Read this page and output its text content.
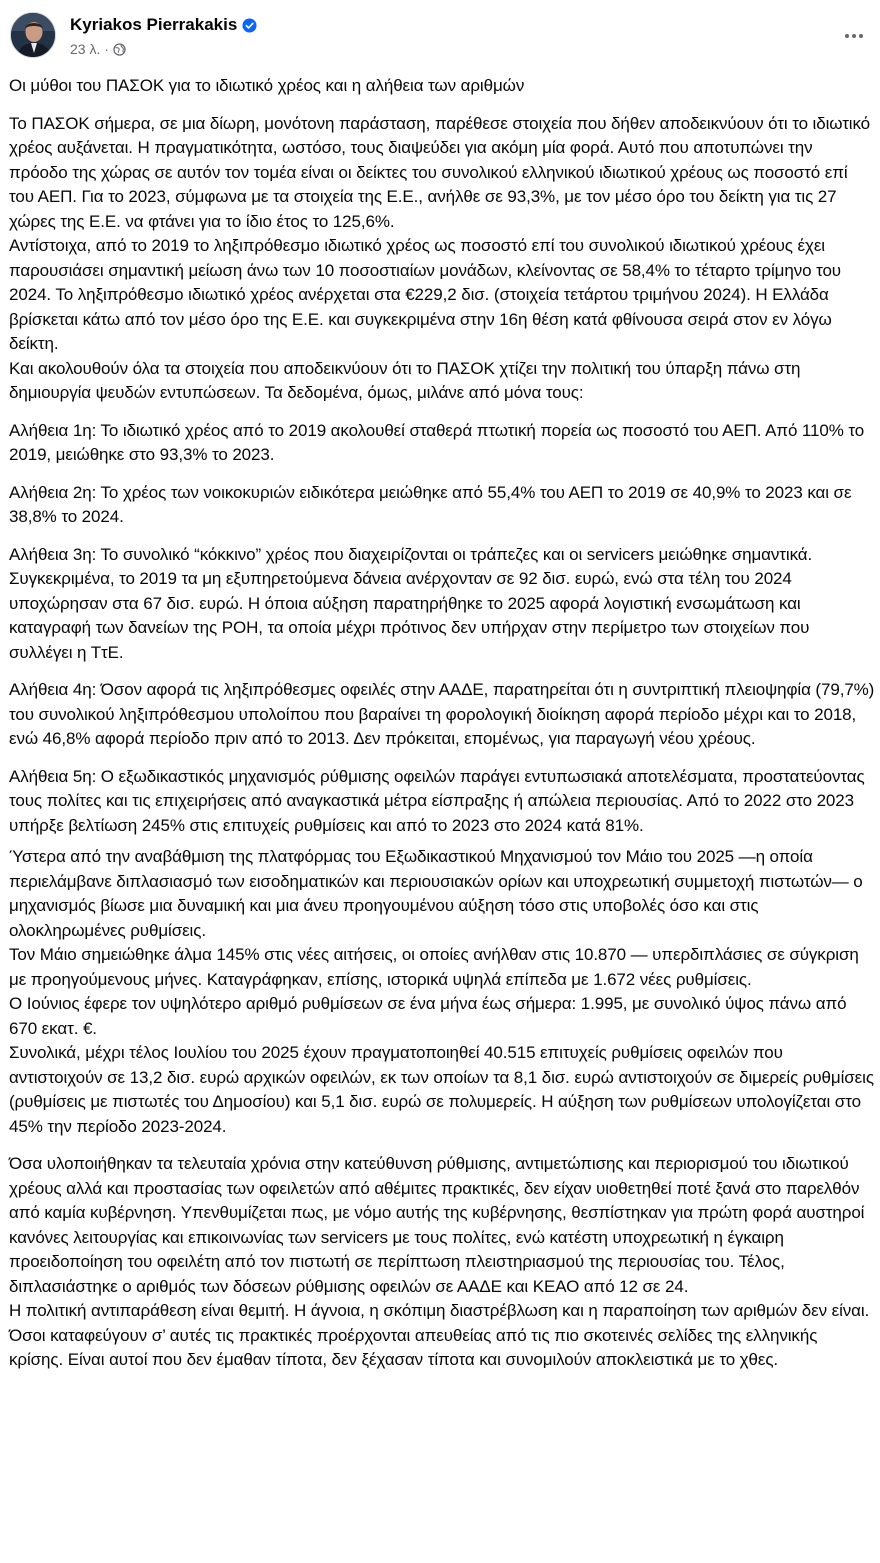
Kyriakos Pierrakakis
23 λ. ·

Οι μύθοι του ΠΑΣΟΚ για το ιδιωτικό χρέος και η αλήθεια των αριθμών

Το ΠΑΣΟΚ σήμερα, σε μια δίωρη, μονότονη παράσταση, παρέθεσε στοιχεία που δήθεν αποδεικνύουν ότι το ιδιωτικό χρέος αυξάνεται. Η πραγματικότητα, ωστόσο, τους διαψεύδει για ακόμη μία φορά. Αυτό που αποτυπώνει την πρόοδο της χώρας σε αυτόν τον τομέα είναι οι δείκτες του συνολικού ελληνικού ιδιωτικού χρέους ως ποσοστό επί του ΑΕΠ. Για το 2023, σύμφωνα με τα στοιχεία της Ε.Ε., ανήλθε σε 93,3%, με τον μέσο όρο του δείκτη για τις 27 χώρες της Ε.Ε. να φτάνει για το ίδιο έτος το 125,6%.

Αντίστοιχα, από το 2019 το ληξιπρόθεσμο ιδιωτικό χρέος ως ποσοστό επί του συνολικού ιδιωτικού χρέους έχει παρουσιάσει σημαντική μείωση άνω των 10 ποσοστιαίων μονάδων, κλείνοντας σε 58,4% το τέταρτο τρίμηνο του 2024. Το ληξιπρόθεσμο ιδιωτικό χρέος ανέρχεται στα €229,2 δισ. (στοιχεία τετάρτου τριμήνου 2024). Η Ελλάδα βρίσκεται κάτω από τον μέσο όρο της Ε.Ε. και συγκεκριμένα στην 16η θέση κατά φθίνουσα σειρά στον εν λόγω δείκτη.

Και ακολουθούν όλα τα στοιχεία που αποδεικνύουν ότι το ΠΑΣΟΚ χτίζει την πολιτική του ύπαρξη πάνω στη δημιουργία ψευδών εντυπώσεων. Τα δεδομένα, όμως, μιλάνε από μόνα τους:

Αλήθεια 1η: Το ιδιωτικό χρέος από το 2019 ακολουθεί σταθερά πτωτική πορεία ως ποσοστό του ΑΕΠ. Από 110% το 2019, μειώθηκε στο 93,3% το 2023.

Αλήθεια 2η: Το χρέος των νοικοκυριών ειδικότερα μειώθηκε από 55,4% του ΑΕΠ το 2019 σε 40,9% το 2023 και σε 38,8% το 2024.

Αλήθεια 3η: Το συνολικό “κόκκινο” χρέος που διαχειρίζονται οι τράπεζες και οι servicers μειώθηκε σημαντικά. Συγκεκριμένα, το 2019 τα μη εξυπηρετούμενα δάνεια ανέρχονταν σε 92 δισ. ευρώ, ενώ στα τέλη του 2024 υποχώρησαν στα 67 δισ. ευρώ. Η όποια αύξηση παρατηρήθηκε το 2025 αφορά λογιστική ενσωμάτωση και καταγραφή των δανείων της ΡΟΗ, τα οποία μέχρι πρότινος δεν υπήρχαν στην περίμετρο των στοιχείων που συλλέγει η ΤτΕ.

Αλήθεια 4η: Όσον αφορά τις ληξιπρόθεσμες οφειλές στην ΑΑΔΕ, παρατηρείται ότι η συντριπτική πλειοψηφία (79,7%) του συνολικού ληξιπρόθεσμου υπολοίπου που βαραίνει τη φορολογική διοίκηση αφορά περίοδο μέχρι και το 2018, ενώ 46,8% αφορά περίοδο πριν από το 2013. Δεν πρόκειται, επομένως, για παραγωγή νέου χρέους.

Αλήθεια 5η: Ο εξωδικαστικός μηχανισμός ρύθμισης οφειλών παράγει εντυπωσιακά αποτελέσματα, προστατεύοντας τους πολίτες και τις επιχειρήσεις από αναγκαστικά μέτρα είσπραξης ή απώλεια περιουσίας. Από το 2022 στο 2023 υπήρξε βελτίωση 245% στις επιτυχείς ρυθμίσεις και από το 2023 στο 2024 κατά 81%.

Ύστερα από την αναβάθμιση της πλατφόρμας του Εξωδικαστικού Μηχανισμού τον Μάιο του 2025 —η οποία περιελάμβανε διπλασιασμό των εισοδηματικών και περιουσιακών ορίων και υποχρεωτική συμμετοχή πιστωτών— ο μηχανισμός βίωσε μια δυναμική και μια άνευ προηγουμένου αύξηση τόσο στις υποβολές όσο και στις ολοκληρωμένες ρυθμίσεις.

Τον Μάιο σημειώθηκε άλμα 145% στις νέες αιτήσεις, οι οποίες ανήλθαν στις 10.870 — υπερδιπλάσιες σε σύγκριση με προηγούμενους μήνες. Καταγράφηκαν, επίσης, ιστορικά υψηλά επίπεδα με 1.672 νέες ρυθμίσεις.

Ο Ιούνιος έφερε τον υψηλότερο αριθμό ρυθμίσεων σε ένα μήνα έως σήμερα: 1.995, με συνολικό ύψος πάνω από 670 εκατ. €.

Συνολικά, μέχρι τέλος Ιουλίου του 2025 έχουν πραγματοποιηθεί 40.515 επιτυχείς ρυθμίσεις οφειλών που αντιστοιχούν σε 13,2 δισ. ευρώ αρχικών οφειλών, εκ των οποίων τα 8,1 δισ. ευρώ αντιστοιχούν σε διμερείς ρυθμίσεις (ρυθμίσεις με πιστωτές του Δημοσίου) και 5,1 δισ. ευρώ σε πολυμερείς. Η αύξηση των ρυθμίσεων υπολογίζεται στο 45% την περίοδο 2023-2024.

Όσα υλοποιήθηκαν τα τελευταία χρόνια στην κατεύθυνση ρύθμισης, αντιμετώπισης και περιορισμού του ιδιωτικού χρέους αλλά και προστασίας των οφειλετών από αθέμιτες πρακτικές, δεν είχαν υιοθετηθεί ποτέ ξανά στο παρελθόν από καμία κυβέρνηση. Υπενθυμίζεται πως, με νόμο αυτής της κυβέρνησης, θεσπίστηκαν για πρώτη φορά αυστηροί κανόνες λειτουργίας και επικοινωνίας των servicers με τους πολίτες, ενώ κατέστη υποχρεωτική η έγκαιρη προειδοποίηση του οφειλέτη από τον πιστωτή σε περίπτωση πλειστηριασμού της περιουσίας του. Τέλος, διπλασιάστηκε ο αριθμός των δόσεων ρύθμισης οφειλών σε ΑΑΔΕ και ΚΕΑΟ από 12 σε 24.

Η πολιτική αντιπαράθεση είναι θεμιτή. Η άγνοια, η σκόπιμη διαστρέβλωση και η παραποίηση των αριθμών δεν είναι. Όσοι καταφεύγουν σ’ αυτές τις πρακτικές προέρχονται απευθείας από τις πιο σκοτεινές σελίδες της ελληνικής κρίσης. Είναι αυτοί που δεν έμαθαν τίποτα, δεν ξέχασαν τίποτα και συνομιλούν αποκλειστικά με το χθες.
